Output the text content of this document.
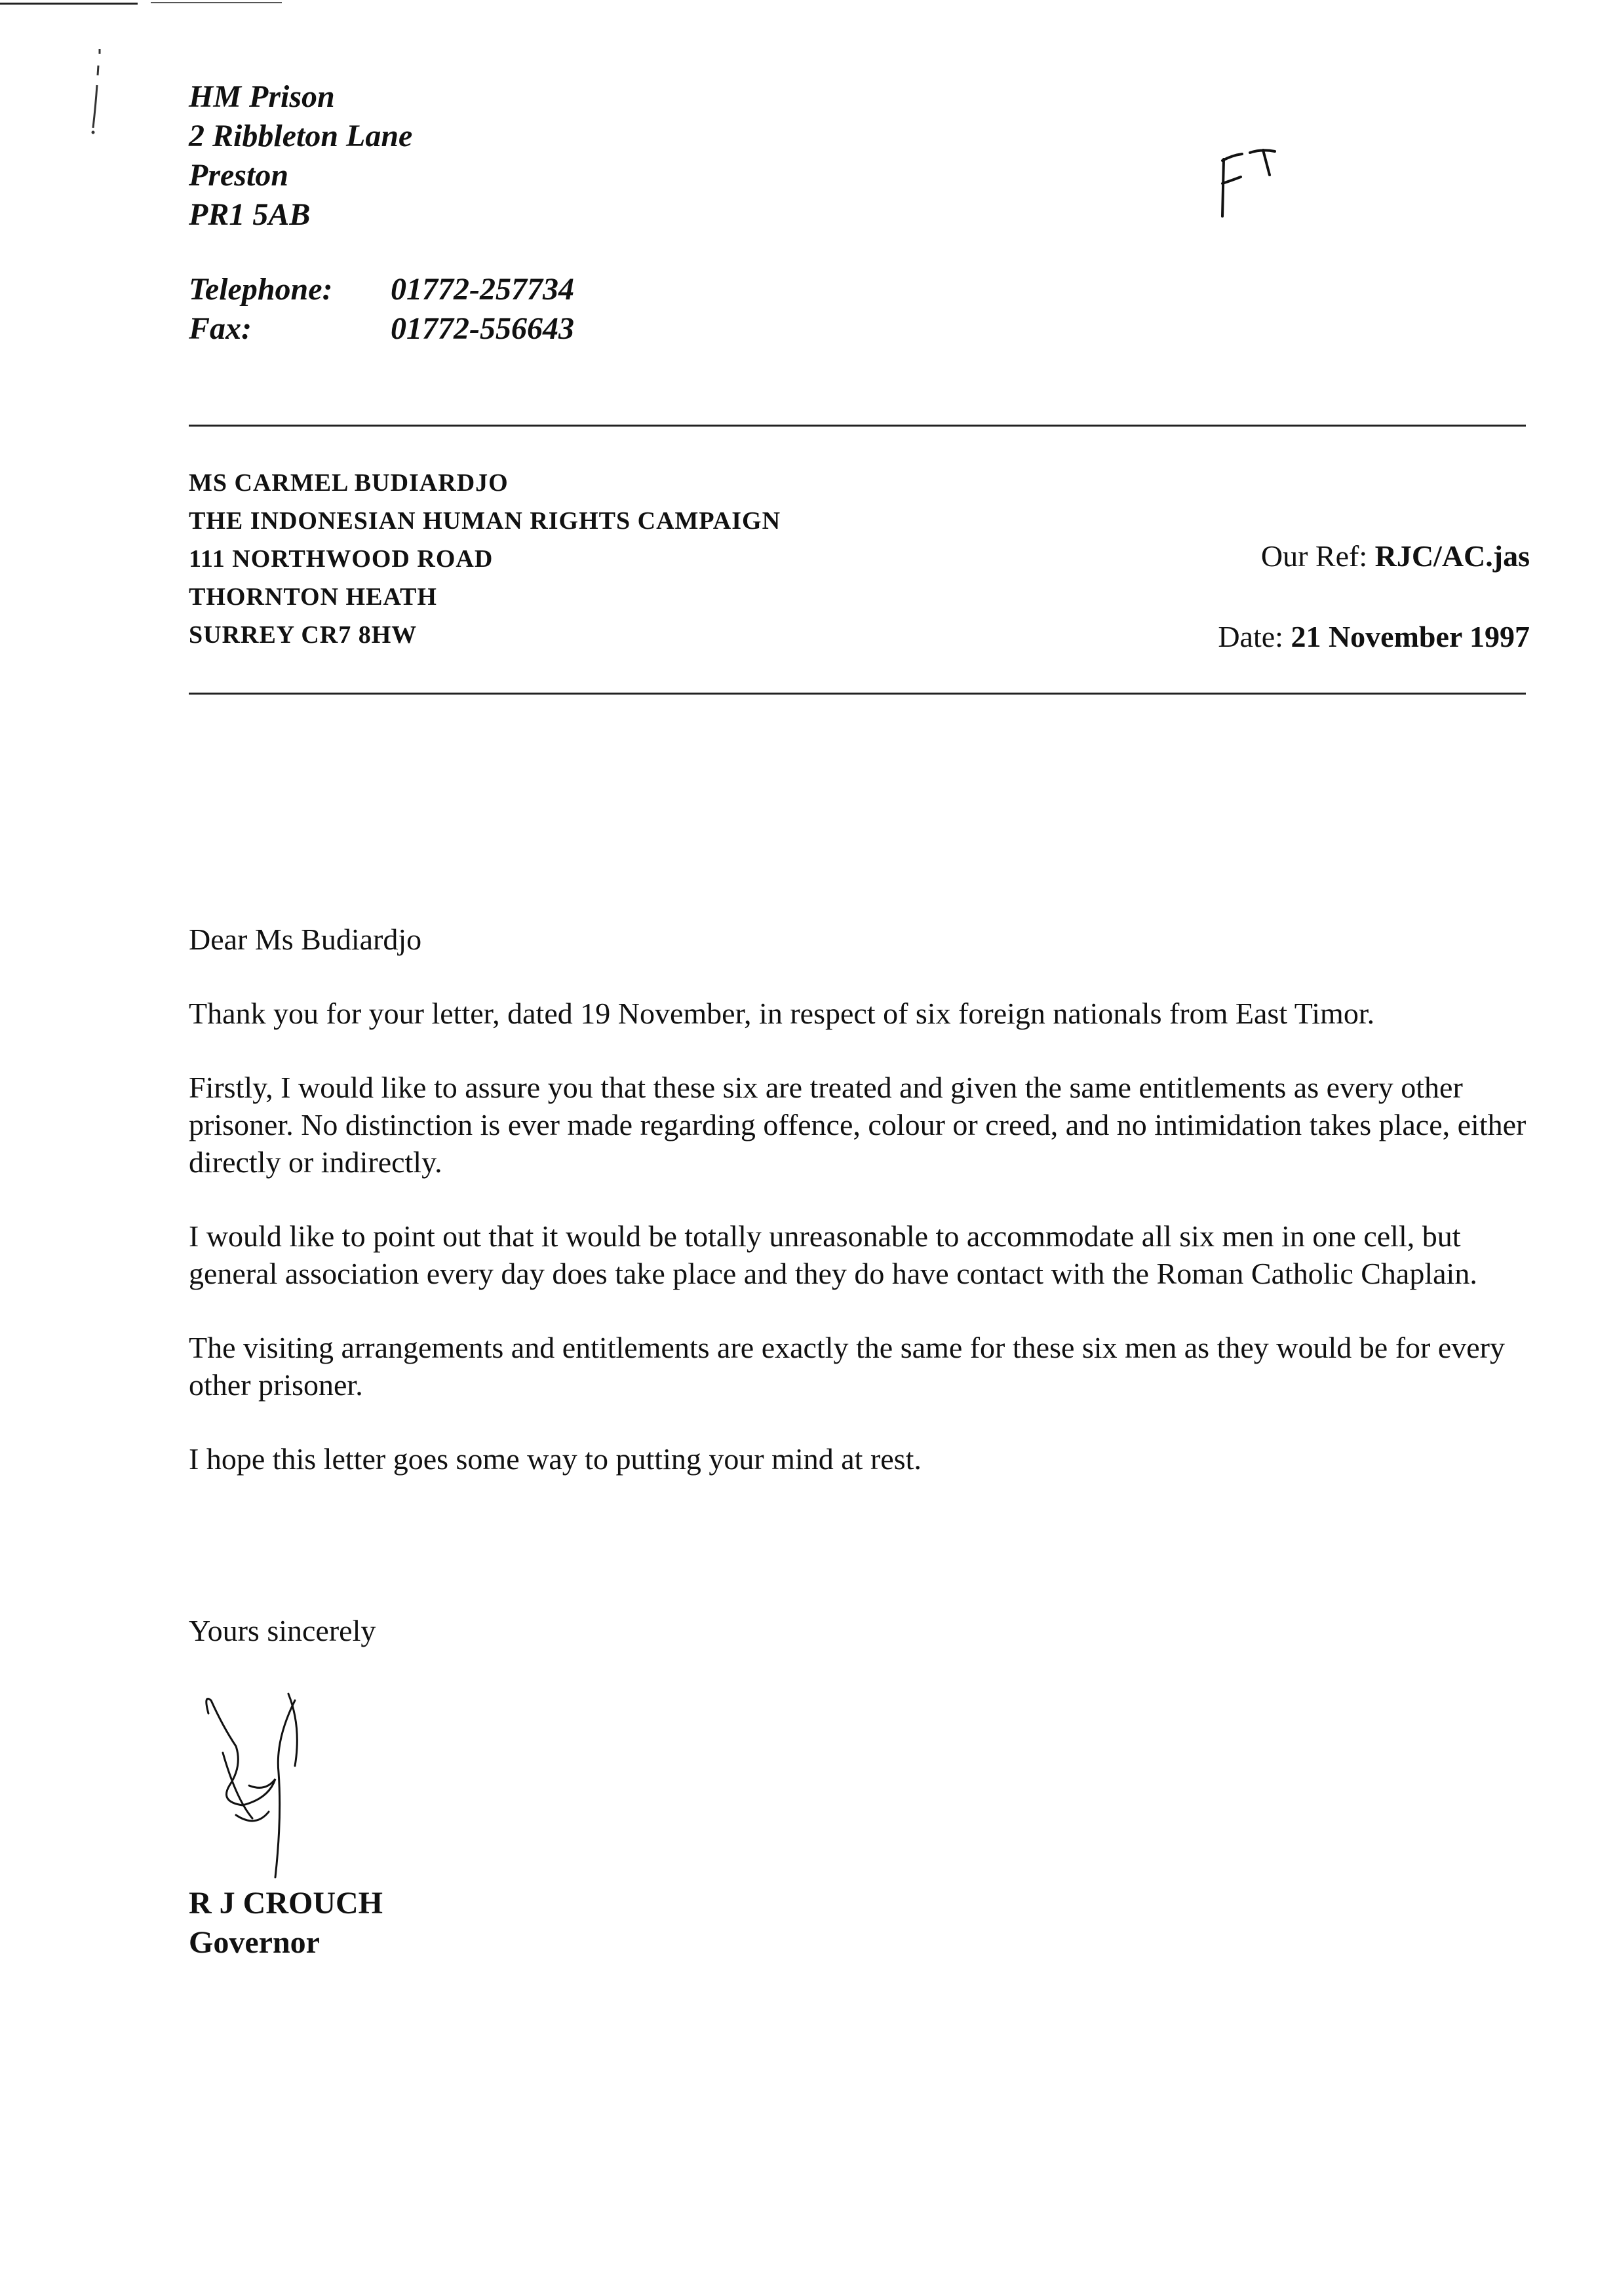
HM Prison
2 Ribbleton Lane
Preston
PR1 5AB
Telephone: 01772-257734
Fax:	01772-556643
MS CARMEL BUDIARDJO
THE INDONESIAN HUMAN RIGHTS CAMPAIGN
111 NORTHWOOD ROAD
THORNTON HEATH
SURREY CR7 8HW
Our Ref: RJC/AC.jas
Date: 21 November 1997

Dear Ms Budiardjo

Thank you for your letter, dated 19 November, in respect of six foreign nationals from East Timor.

Firstly, I would like to assure you that these six are treated and given the same entitlements as every other prisoner. No distinction is ever made regarding offence, colour or creed, and no intimidation takes place, either directly or indirectly.

I would like to point out that it would be totally unreasonable to accommodate all six men in one cell, but general association every day does take place and they do have contact with the Roman Catholic Chaplain.

The visiting arrangements and entitlements are exactly the same for these six men as they would be for every other prisoner.

I hope this letter goes some way to putting your mind at rest.

Yours sincerely
R J CROUCH
Governor
